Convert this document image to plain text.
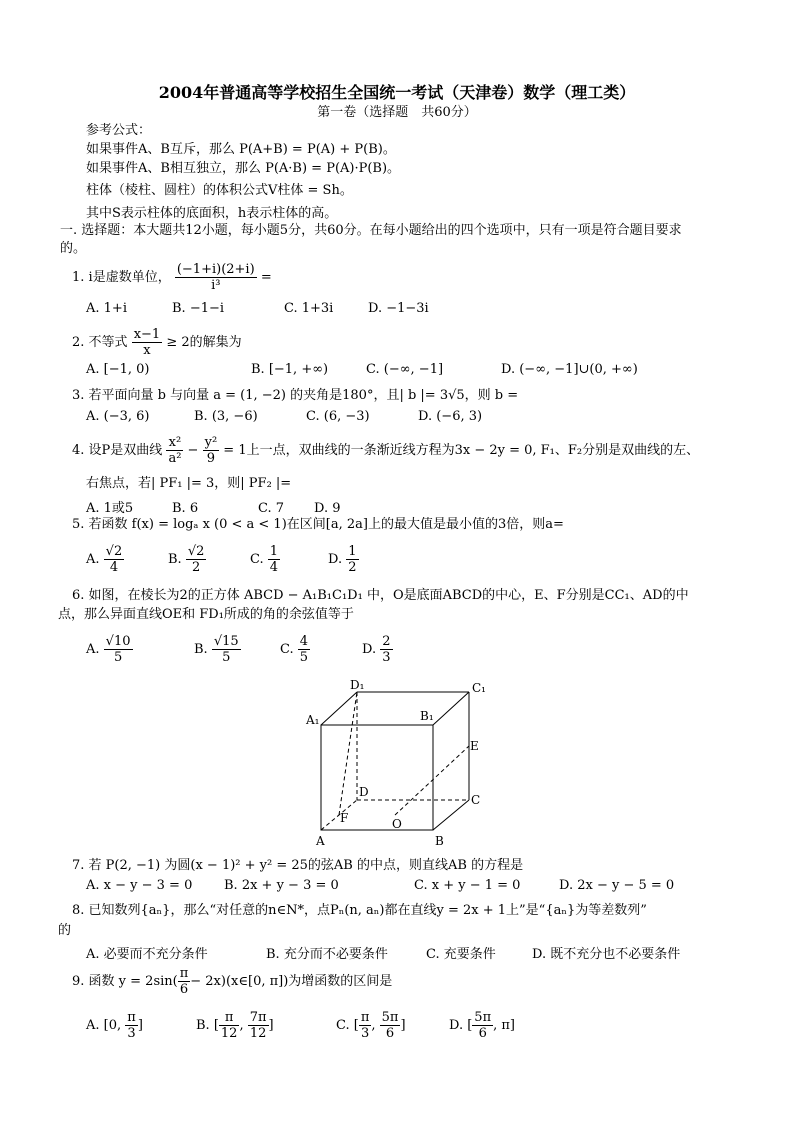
2004年普通高等学校招生全国统一考试（天津卷）数学（理工类）
第一卷（选择题　共60分）
参考公式：
如果事件A、B互斥，那么 P(A+B) = P(A) + P(B)。
如果事件A、B相互独立，那么 P(A·B) = P(A)·P(B)。
柱体（棱柱、圆柱）的体积公式V柱体 = Sh。
其中S表示柱体的底面积，h表示柱体的高。
一. 选择题：本大题共12小题，每小题5分，共60分。在每小题给出的四个选项中，只有一项是符合题目要求
的。
1. i是虚数单位， $\frac{(-1+i)(2+i)}{\text{i³}}$ =
A. 1+i	B. −1−i	C. 1+3i	D. −1−3i
2. 不等式 $\frac{x-1}{x} \ge 2$的解集为
A. [−1, 0)	B. [−1, +∞)	C. (−∞, −1]	D. (−∞, −1]∪(0, +∞)
3. 若平面向量 b 与向量 a = (1, −2) 的夹角是180°，且| b |= 3√5，则 b =
A. (−3, 6)	B. (3, −6)	C. (6, −3)	D. (−6, 3)
4. 设P是双曲线 $\frac{\text{x²}}{\text{a²}} - \frac{\text{y²}}{9} = 1$上一点，双曲线的一条渐近线方程为3x − 2y = 0, F₁、F₂分别是双曲线的左、
右焦点，若| PF₁ |= 3，则| PF₂ |=
A. 1或5	B. 6	C. 7 D. 9
5. 若函数 f(x) = logₐ x (0 < a < 1)在区间[a, 2a]上的最大值是最小值的3倍，则a=
A. $\frac{√2}{4}$	B. $\frac{√2}{2}$	C. $\frac{1}{4}$	D. $\frac{1}{2}$
6. 如图，在棱长为2的正方体 ABCD − A₁B₁C₁D₁ 中，O是底面ABCD的中心，E、F分别是CC₁、AD的中
点，那么异面直线OE和 FD₁所成的角的余弦值等于
A. $\frac{√10}{5}$	B. $\frac{√15}{5}$	C. $\frac{4}{5}$	D. $\frac{2}{3}$
D₁	C₁
A₁	B₁
E
D
C
F	O
A	B
7. 若 P(2, −1) 为圆(x − 1)² + y² = 25的弦AB 的中点，则直线AB 的方程是
A. x − y − 3 = 0 B. 2x + y − 3 = 0	C. x + y − 1 = 0	D. 2x − y − 5 = 0
8. 已知数列{aₙ}，那么“对任意的n∈N*，点Pₙ(n, aₙ)都在直线y = 2x + 1上”是“{aₙ}为等差数列”
的
A. 必要而不充分条件	B. 充分而不必要条件	C. 充要条件	D. 既不充分也不必要条件
9. 函数 $y = 2\sin( \frac{\pi}{6}$ − 2x)(x∈[0, π])为增函数的区间是
A. [0, $\frac{\pi}{3}$ ]	B. [ $\frac{\pi}{12}$ , $\frac{7\pi}{12}$ ]	C. [ $\frac{\pi}{3}$ , $\frac{5\pi}{6}$ ]	D. [ $\frac{5\pi}{6}$ , π]
